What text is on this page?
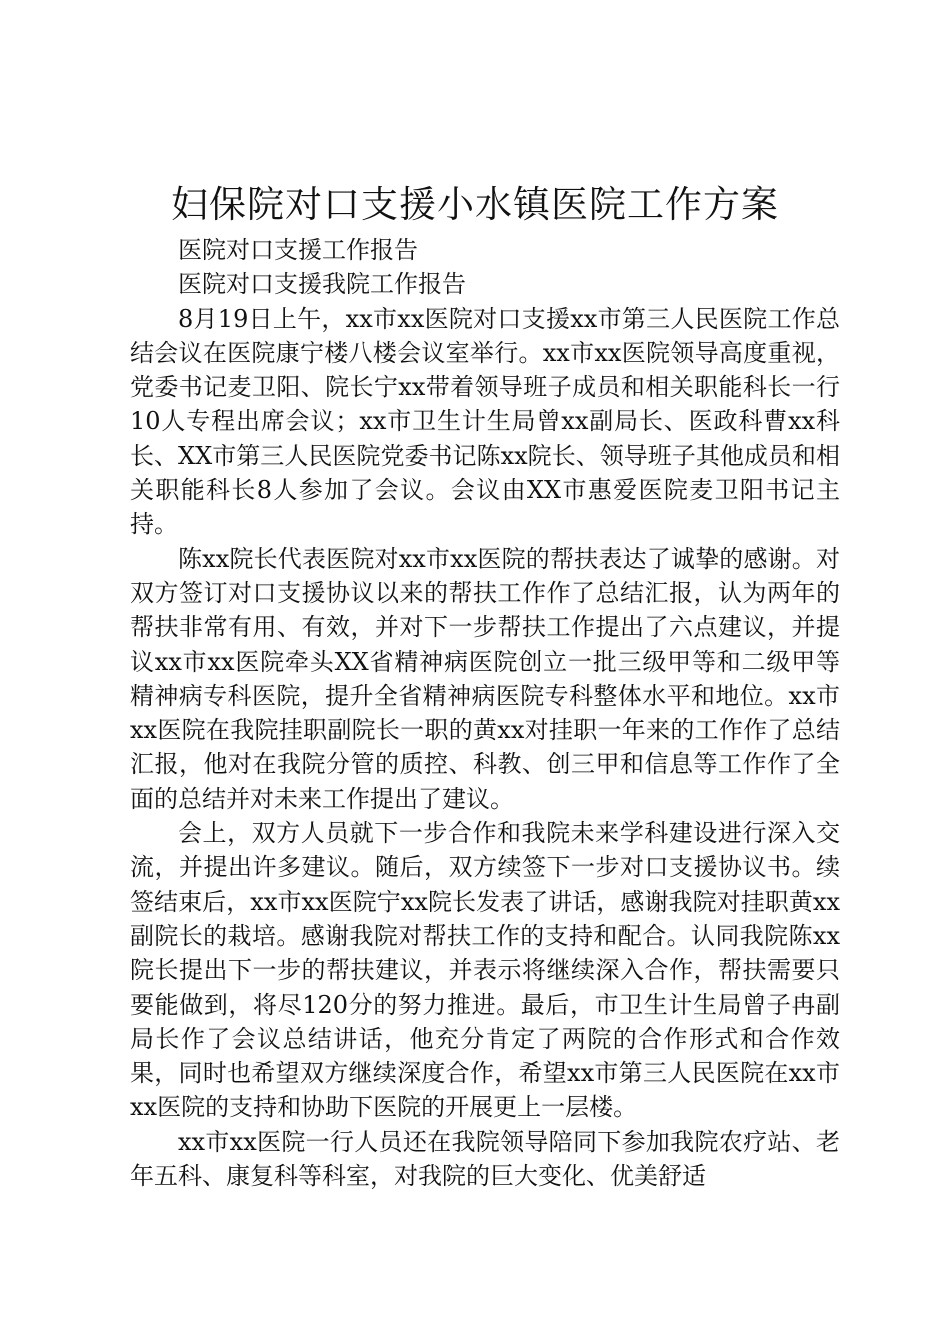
妇保院对口支援小水镇医院工作方案

医院对口支援工作报告

医院对口支援我院工作报告

8月19日上午，xx市xx医院对口支援xx市第三人民医院工作总结会议在医院康宁楼八楼会议室举行。xx市xx医院领导高度重视，党委书记麦卫阳、院长宁xx带着领导班子成员和相关职能科长一行10人专程出席会议；xx市卫生计生局曾xx副局长、医政科曹xx科长、XX市第三人民医院党委书记陈xx院长、领导班子其他成员和相关职能科长8人参加了会议。会议由XX市惠爱医院麦卫阳书记主持。

陈xx院长代表医院对xx市xx医院的帮扶表达了诚挚的感谢。对双方签订对口支援协议以来的帮扶工作作了总结汇报，认为两年的帮扶非常有用、有效，并对下一步帮扶工作提出了六点建议，并提议xx市xx医院牵头XX省精神病医院创立一批三级甲等和二级甲等精神病专科医院，提升全省精神病医院专科整体水平和地位。xx市xx医院在我院挂职副院长一职的黄xx对挂职一年来的工作作了总结汇报，他对在我院分管的质控、科教、创三甲和信息等工作作了全面的总结并对未来工作提出了建议。

会上，双方人员就下一步合作和我院未来学科建设进行深入交流，并提出许多建议。随后，双方续签下一步对口支援协议书。续签结束后，xx市xx医院宁xx院长发表了讲话，感谢我院对挂职黄xx副院长的栽培。感谢我院对帮扶工作的支持和配合。认同我院陈xx院长提出下一步的帮扶建议，并表示将继续深入合作，帮扶需要只要能做到，将尽120分的努力推进。最后，市卫生计生局曾子冉副局长作了会议总结讲话，他充分肯定了两院的合作形式和合作效果，同时也希望双方继续深度合作，希望xx市第三人民医院在xx市xx医院的支持和协助下医院的开展更上一层楼。

xx市xx医院一行人员还在我院领导陪同下参加我院农疗站、老年五科、康复科等科室，对我院的巨大变化、优美舒适
